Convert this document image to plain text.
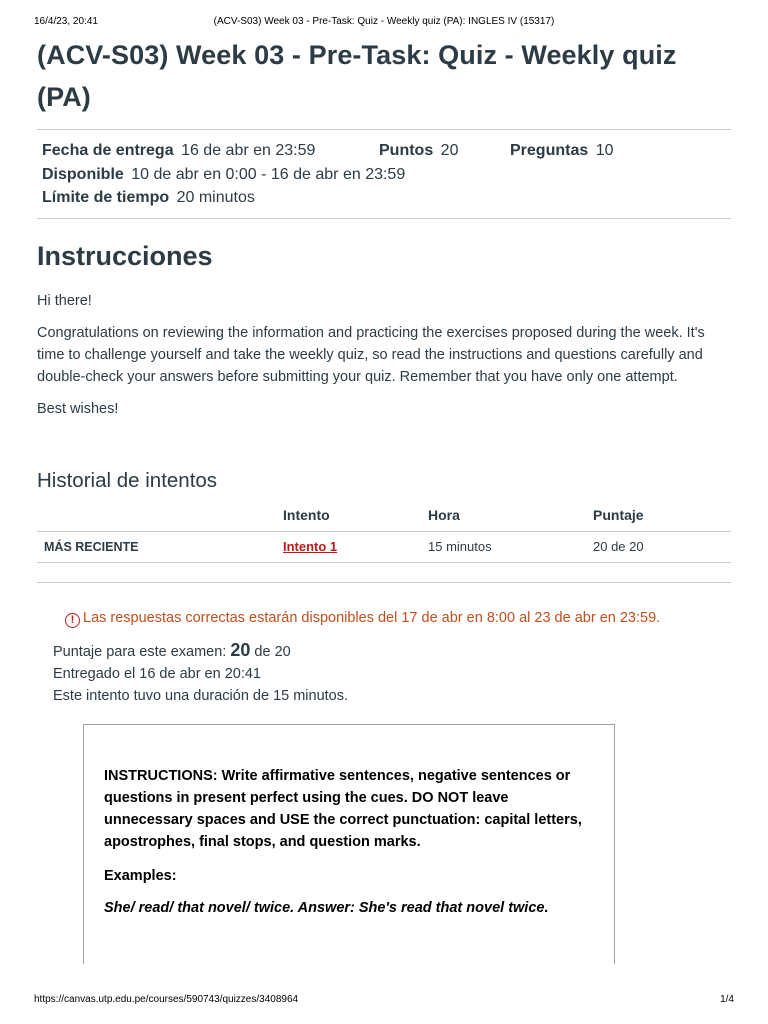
16/4/23, 20:41	(ACV-S03) Week 03 - Pre-Task: Quiz - Weekly quiz (PA): INGLES IV (15317)
(ACV-S03) Week 03 - Pre-Task: Quiz - Weekly quiz
(PA)
Fecha de entrega 16 de abr en 23:59	Puntos 20	Preguntas 10
Disponible 10 de abr en 0:00 - 16 de abr en 23:59
Límite de tiempo 20 minutos
Instrucciones

Hi there!

Congratulations on reviewing the information and practicing the exercises proposed during the week. It's time to challenge yourself and take the weekly quiz, so read the instructions and questions carefully and double-check your answers before submitting your quiz. Remember that you have only one attempt.

Best wishes!

Historial de intentos
	Intento	Hora	Puntaje
MÁS RECIENTE	Intento 1	15 minutos	20 de 20
! Las respuestas correctas estarán disponibles del 17 de abr en 8:00 al 23 de abr en 23:59.
Puntaje para este examen: 20 de 20
Entregado el 16 de abr en 20:41
Este intento tuvo una duración de 15 minutos.

INSTRUCTIONS: Write affirmative sentences, negative sentences or questions in present perfect using the cues. DO NOT leave unnecessary spaces and USE the correct punctuation: capital letters, apostrophes, final stops, and question marks.

Examples:

She/ read/ that novel/ twice. Answer: She's read that novel twice.

https://canvas.utp.edu.pe/courses/590743/quizzes/3408964	1/4
